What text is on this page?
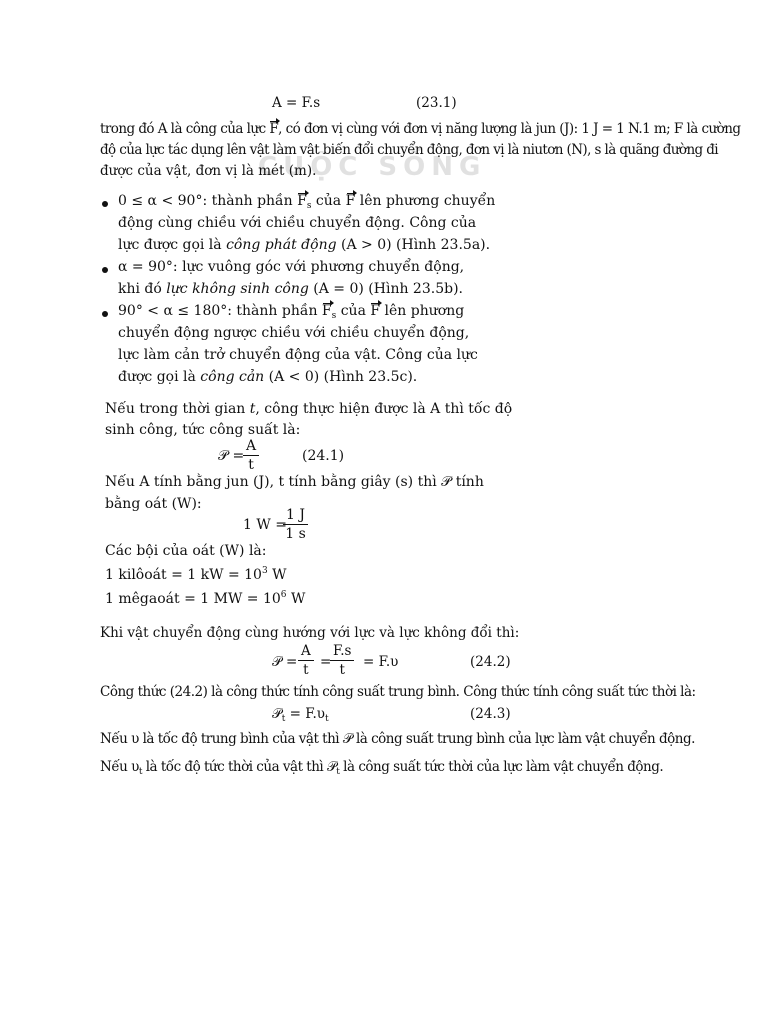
CUỘC SỐNG
A = F.s	(23.1)
trong đó A là công của lực F, có đơn vị cùng với đơn vị năng lượng là jun (J): 1 J = 1 N.1 m; F là cường
độ của lực tác dụng lên vật làm vật biến đổi chuyển động, đơn vị là niutơn (N), s là quãng đường đi
được của vật, đơn vị là mét (m).
0 ≤ α < 90°: thành phần $F_s$ của F lên phương chuyển
động cùng chiều với chiều chuyển động. Công của
lực được gọi là công phát động (A > 0) (Hình 23.5a).
α = 90°: lực vuông góc với phương chuyển động,
khi đó lực không sinh công (A = 0) (Hình 23.5b).
90° < α ≤ 180°: thành phần $F_s$ của F lên phương
chuyển động ngược chiều với chiều chuyển động,
lực làm cản trở chuyển động của vật. Công của lực
được gọi là công cản (A < 0) (Hình 23.5c).
Nếu trong thời gian t, công thực hiện được là A thì tốc độ
sinh công, tức công suất là:
𝒫 =
$\frac{A}{t}$	(24.1)
Nếu A tính bằng jun (J), t tính bằng giây (s) thì 𝒫 tính
bằng oát (W):
1 W =
$\frac{1 J}{1 s}$
Các bội của oát (W) là:
1 kilôoát = 1 kW = $10^3$ W
1 mêgaoát = 1 MW = $10^6$ W
Khi vật chuyển động cùng hướng với lực và lực không đổi thì:
𝒫 = $\frac{A}{t}$ =
$\frac{F.s}{t} = F.\upsilon$	(24.2)
Công thức (24.2) là công thức tính công suất trung bình. Công thức tính công suất tức thời là:
𝒫$_t$ = $F.\upsilon_t$	(24.3)
Nếu υ là tốc độ trung bình của vật thì 𝒫 là công suất trung bình của lực làm vật chuyển động.
Nếu $\upsilon_t$ là tốc độ tức thời của vật thì 𝒫$_t$ là công suất tức thời của lực làm vật chuyển động.
